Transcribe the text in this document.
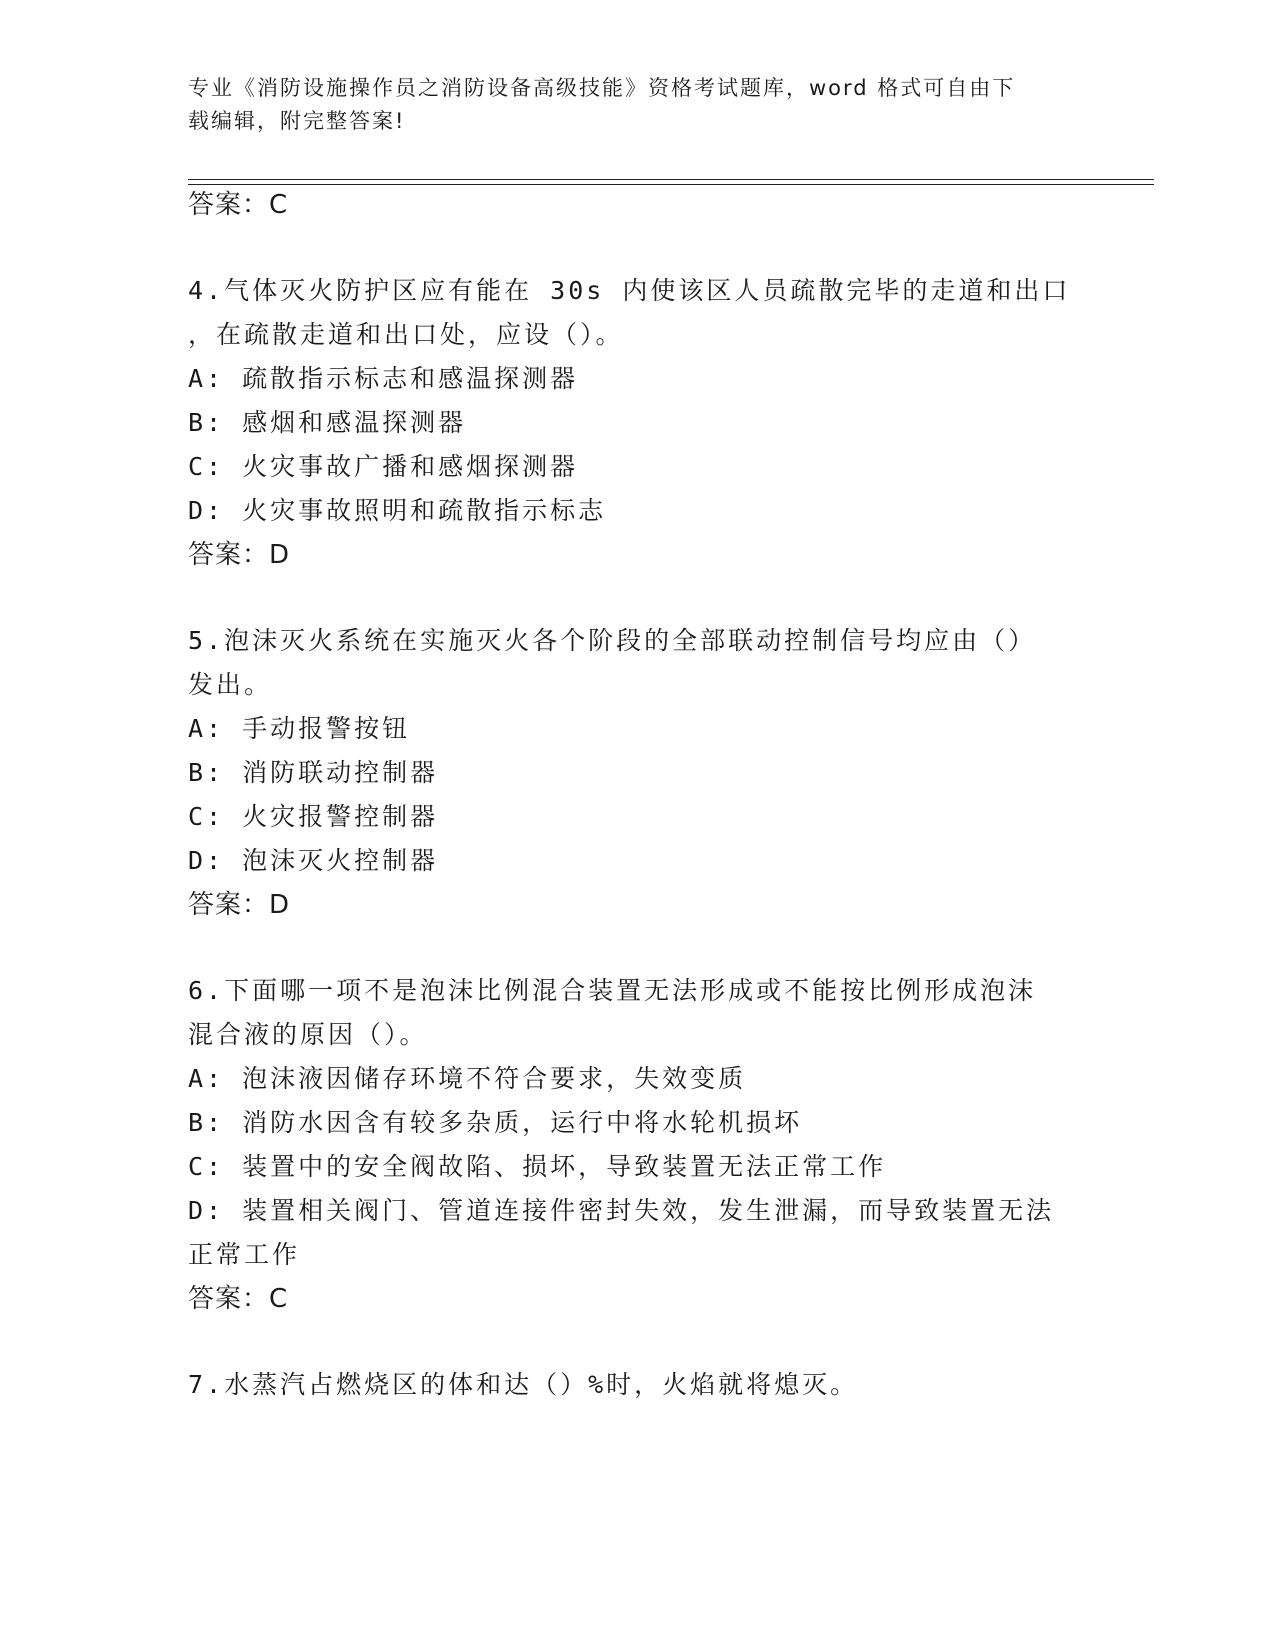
专业《消防设施操作员之消防设备高级技能》资格考试题库，word 格式可自由下
载编辑，附完整答案!
答案：C
4.气体灭火防护区应有能在 30s 内使该区人员疏散完毕的走道和出口
，在疏散走道和出口处，应设（）。
A: 疏散指示标志和感温探测器
B: 感烟和感温探测器
C: 火灾事故广播和感烟探测器
D: 火灾事故照明和疏散指示标志
答案：D
5.泡沫灭火系统在实施灭火各个阶段的全部联动控制信号均应由（）
发出。
A: 手动报警按钮
B: 消防联动控制器
C: 火灾报警控制器
D: 泡沫灭火控制器
答案：D
6.下面哪一项不是泡沫比例混合装置无法形成或不能按比例形成泡沫
混合液的原因（）。
A: 泡沫液因储存环境不符合要求，失效变质
B: 消防水因含有较多杂质，运行中将水轮机损坏
C: 装置中的安全阀故陷、损坏，导致装置无法正常工作
D: 装置相关阀门、管道连接件密封失效，发生泄漏，而导致装置无法
正常工作
答案：C
7.水蒸汽占燃烧区的体和达（）%时，火焰就将熄灭。
